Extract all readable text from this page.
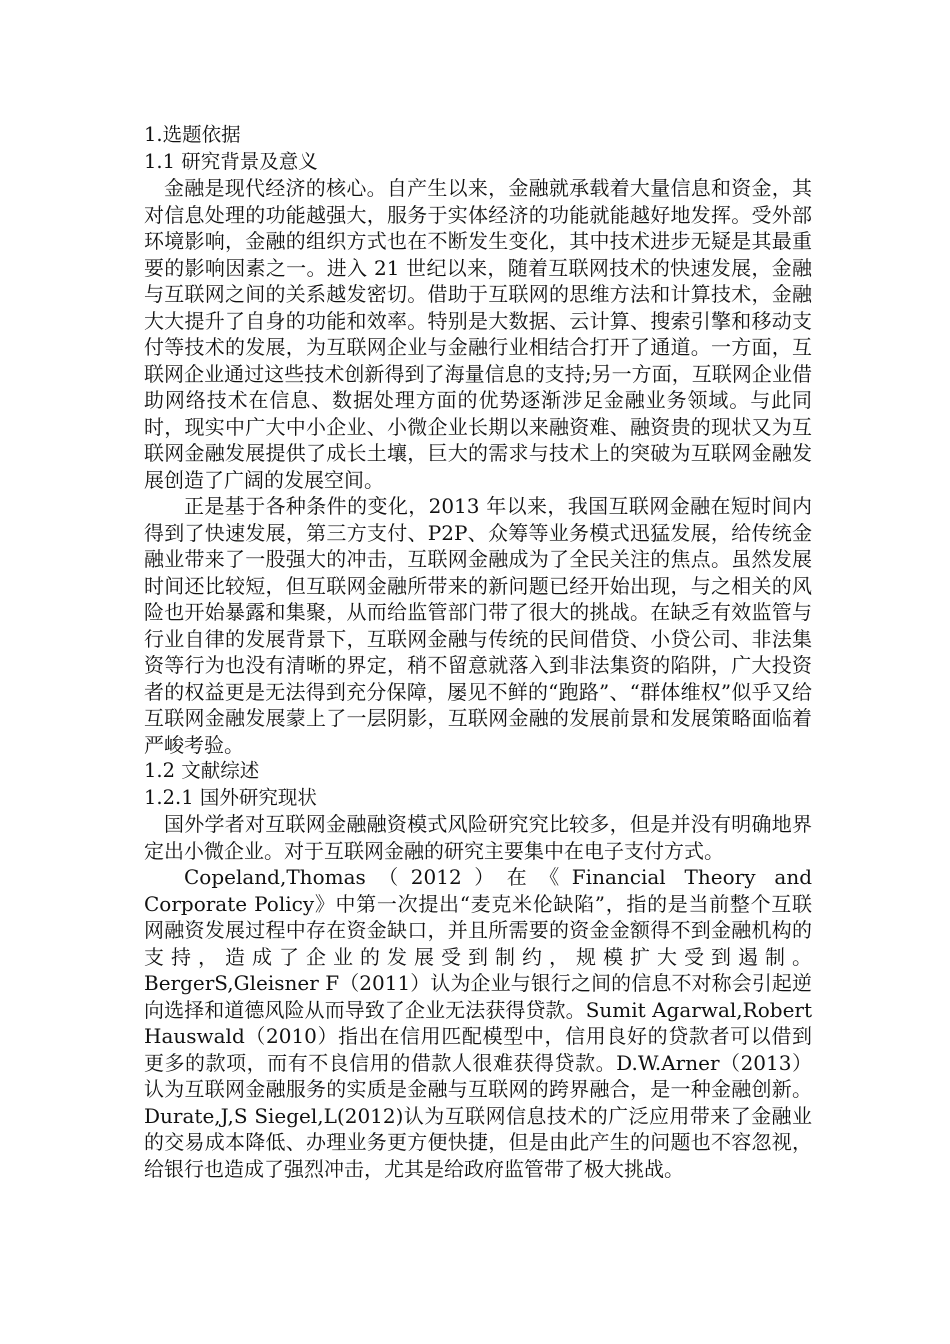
1.选题依据

1.1 研究背景及意义

金融是现代经济的核心。自产生以来，金融就承载着大量信息和资金，其对信息处理的功能越强大，服务于实体经济的功能就能越好地发挥。受外部环境影响，金融的组织方式也在不断发生变化，其中技术进步无疑是其最重要的影响因素之一。进入 21 世纪以来，随着互联网技术的快速发展，金融与互联网之间的关系越发密切。借助于互联网的思维方法和计算技术，金融大大提升了自身的功能和效率。特别是大数据、云计算、搜索引擎和移动支付等技术的发展，为互联网企业与金融行业相结合打开了通道。一方面，互联网企业通过这些技术创新得到了海量信息的支持;另一方面，互联网企业借助网络技术在信息、数据处理方面的优势逐渐涉足金融业务领域。与此同时，现实中广大中小企业、小微企业长期以来融资难、融资贵的现状又为互联网金融发展提供了成长土壤，巨大的需求与技术上的突破为互联网金融发展创造了广阔的发展空间。

正是基于各种条件的变化，2013 年以来，我国互联网金融在短时间内得到了快速发展，第三方支付、P2P、众筹等业务模式迅猛发展，给传统金融业带来了一股强大的冲击，互联网金融成为了全民关注的焦点。虽然发展时间还比较短，但互联网金融所带来的新问题已经开始出现，与之相关的风险也开始暴露和集聚，从而给监管部门带了很大的挑战。在缺乏有效监管与行业自律的发展背景下，互联网金融与传统的民间借贷、小贷公司、非法集资等行为也没有清晰的界定，稍不留意就落入到非法集资的陷阱，广大投资者的权益更是无法得到充分保障，屡见不鲜的“跑路”、“群体维权”似乎又给互联网金融发展蒙上了一层阴影，互联网金融的发展前景和发展策略面临着严峻考验。

1.2 文献综述

1.2.1 国外研究现状

国外学者对互联网金融融资模式风险研究究比较多，但是并没有明确地界定出小微企业。对于互联网金融的研究主要集中在电子支付方式。

Copeland,Thomas（2012）在《Financial Theory and Corporate Policy》中第一次提出“麦克米伦缺陷”，指的是当前整个互联网融资发展过程中存在资金缺口，并且所需要的资金金额得不到金融机构的支持，造成了企业的发展受到制约，规模扩大受到遏制。BergerS,Gleisner F（2011）认为企业与银行之间的信息不对称会引起逆向选择和道德风险从而导致了企业无法获得贷款。Sumit Agarwal,Robert Hauswald（2010）指出在信用匹配模型中，信用良好的贷款者可以借到更多的款项，而有不良信用的借款人很难获得贷款。D.W.Arner（2013）认为互联网金融服务的实质是金融与互联网的跨界融合，是一种金融创新。Durate,J,S Siegel,L(2012)认为互联网信息技术的广泛应用带来了金融业的交易成本降低、办理业务更方便快捷，但是由此产生的问题也不容忽视，给银行也造成了强烈冲击，尤其是给政府监管带了极大挑战。
